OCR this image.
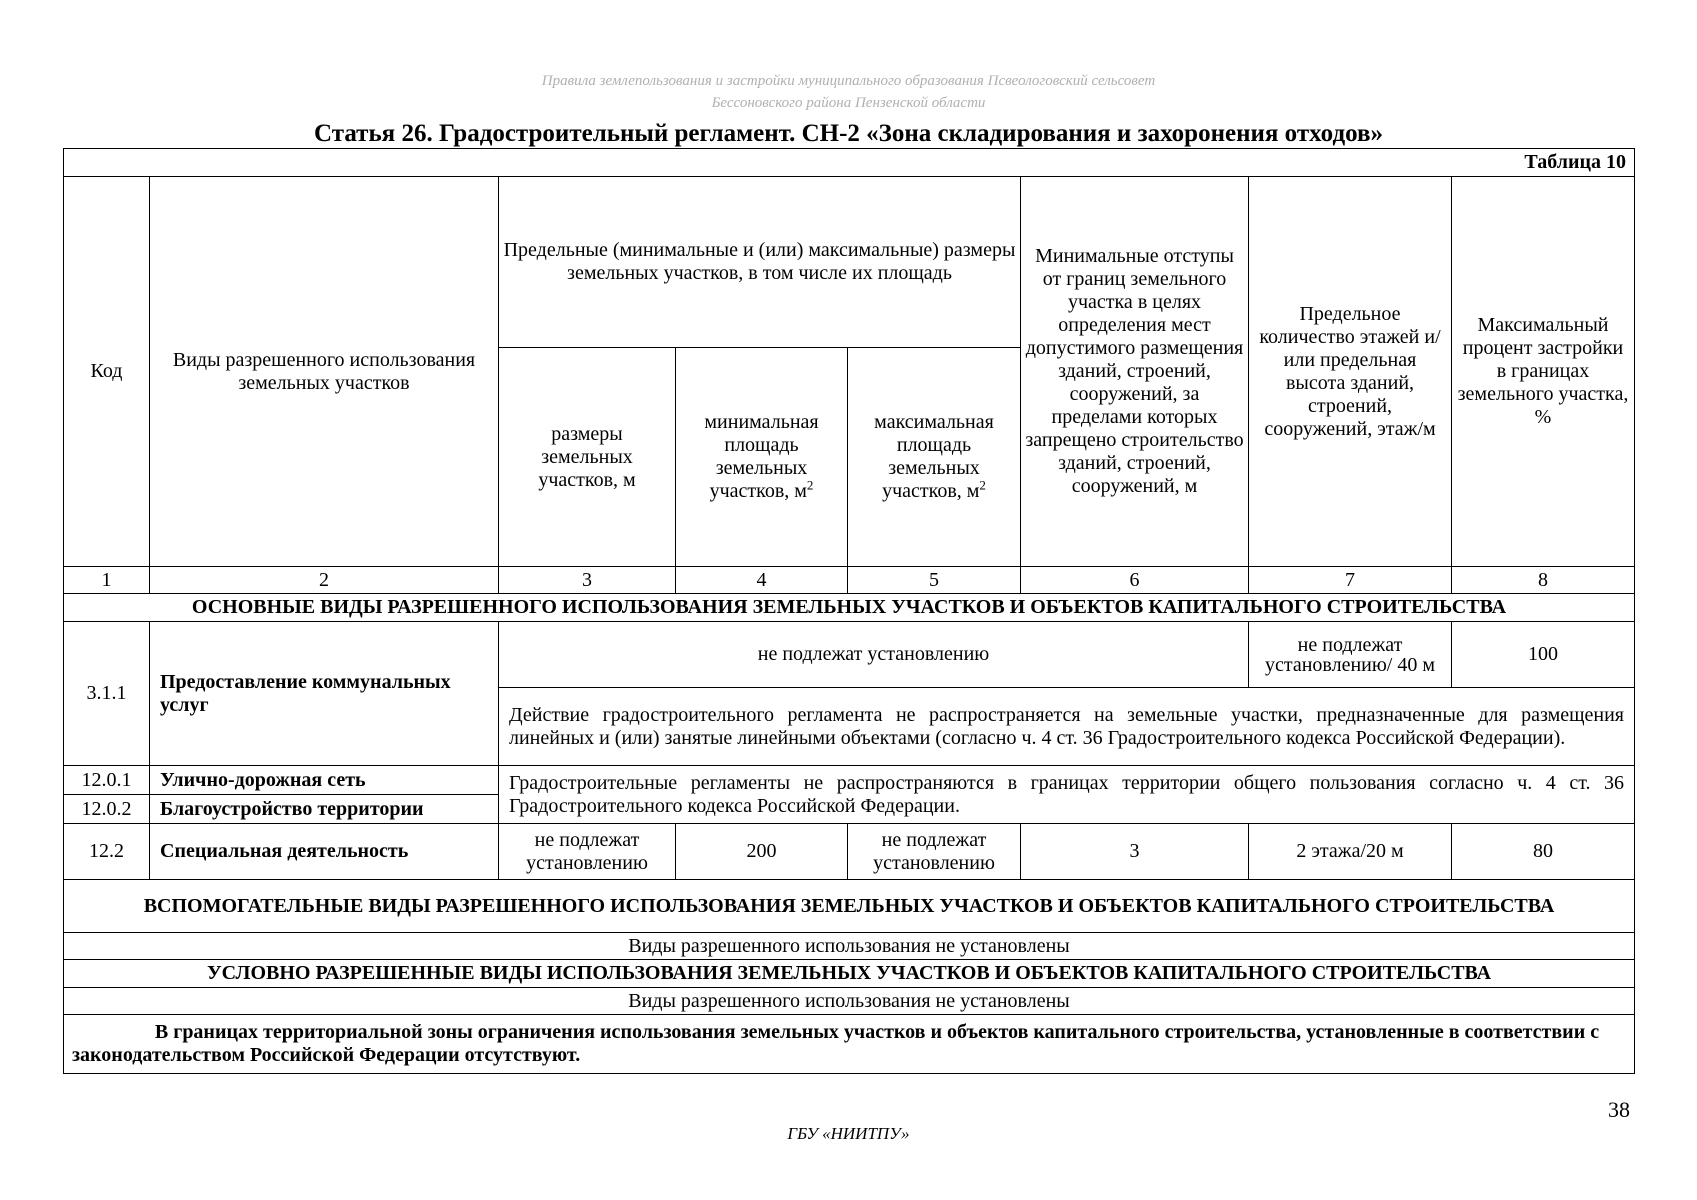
Правила землепользования и застройки муниципального образования Псвеологовский сельсовет
Бессоновского района Пензенской области
Статья 26. Градостроительный регламент. СН-2 «Зона складирования и захоронения отходов»
Таблица 10							
Код	Виды разрешенного использования земельных участков	Предельные (минимальные и (или) максимальные) размеры земельных участков, в том числе их площадь			Минимальные отступы от границ земельного участка в целях определения мест допустимого размещения зданий, строений, сооружений, за пределами которых запрещено строительство зданий, строений, сооружений, м	Предельное количество этажей и/или предельная высота зданий, строений, сооружений, этаж/м	Максимальный процент застройки в границах земельного участка, %
		размеры земельных участков, м	минимальная площадь земельных участков, $м^2$	максимальная площадь земельных участков, $м^2$
1	2	3	4	5	6	7	8
ОСНОВНЫЕ ВИДЫ РАЗРЕШЕННОГО ИСПОЛЬЗОВАНИЯ ЗЕМЕЛЬНЫХ УЧАСТКОВ И ОБЪЕКТОВ КАПИТАЛЬНОГО СТРОИТЕЛЬСТВА							
3.1.1	Предоставление коммунальных услуг	не подлежат установлению				не подлежат установлению/ 40 м	100
		Действие градостроительного регламента не распространяется на земельные участки, предназначенные для размещения линейных и (или) занятые линейными объектами (согласно ч. 4 ст. 36 Градостроительного кодекса Российской Федерации).					
12.0.1	Улично-дорожная сеть	Градостроительные регламенты не распространяются в границах территории общего пользования согласно ч. 4 ст. 36 Градостроительного кодекса Российской Федерации.					
12.0.2	Благоустройство территории						
12.2	Специальная деятельность	не подлежат установлению	200	не подлежат установлению	3	2 этажа/20 м	80
ВСПОМОГАТЕЛЬНЫЕ ВИДЫ РАЗРЕШЕННОГО ИСПОЛЬЗОВАНИЯ ЗЕМЕЛЬНЫХ УЧАСТКОВ И ОБЪЕКТОВ КАПИТАЛЬНОГО СТРОИТЕЛЬСТВА							
Виды разрешенного использования не установлены							
УСЛОВНО РАЗРЕШЕННЫЕ ВИДЫ ИСПОЛЬЗОВАНИЯ ЗЕМЕЛЬНЫХ УЧАСТКОВ И ОБЪЕКТОВ КАПИТАЛЬНОГО СТРОИТЕЛЬСТВА							
Виды разрешенного использования не установлены							
В границах территориальной зоны ограничения использования земельных участков и объектов капитального строительства, установленные в соответствии с законодательством Российской Федерации отсутствуют.							
38
ГБУ «НИИТПУ»
